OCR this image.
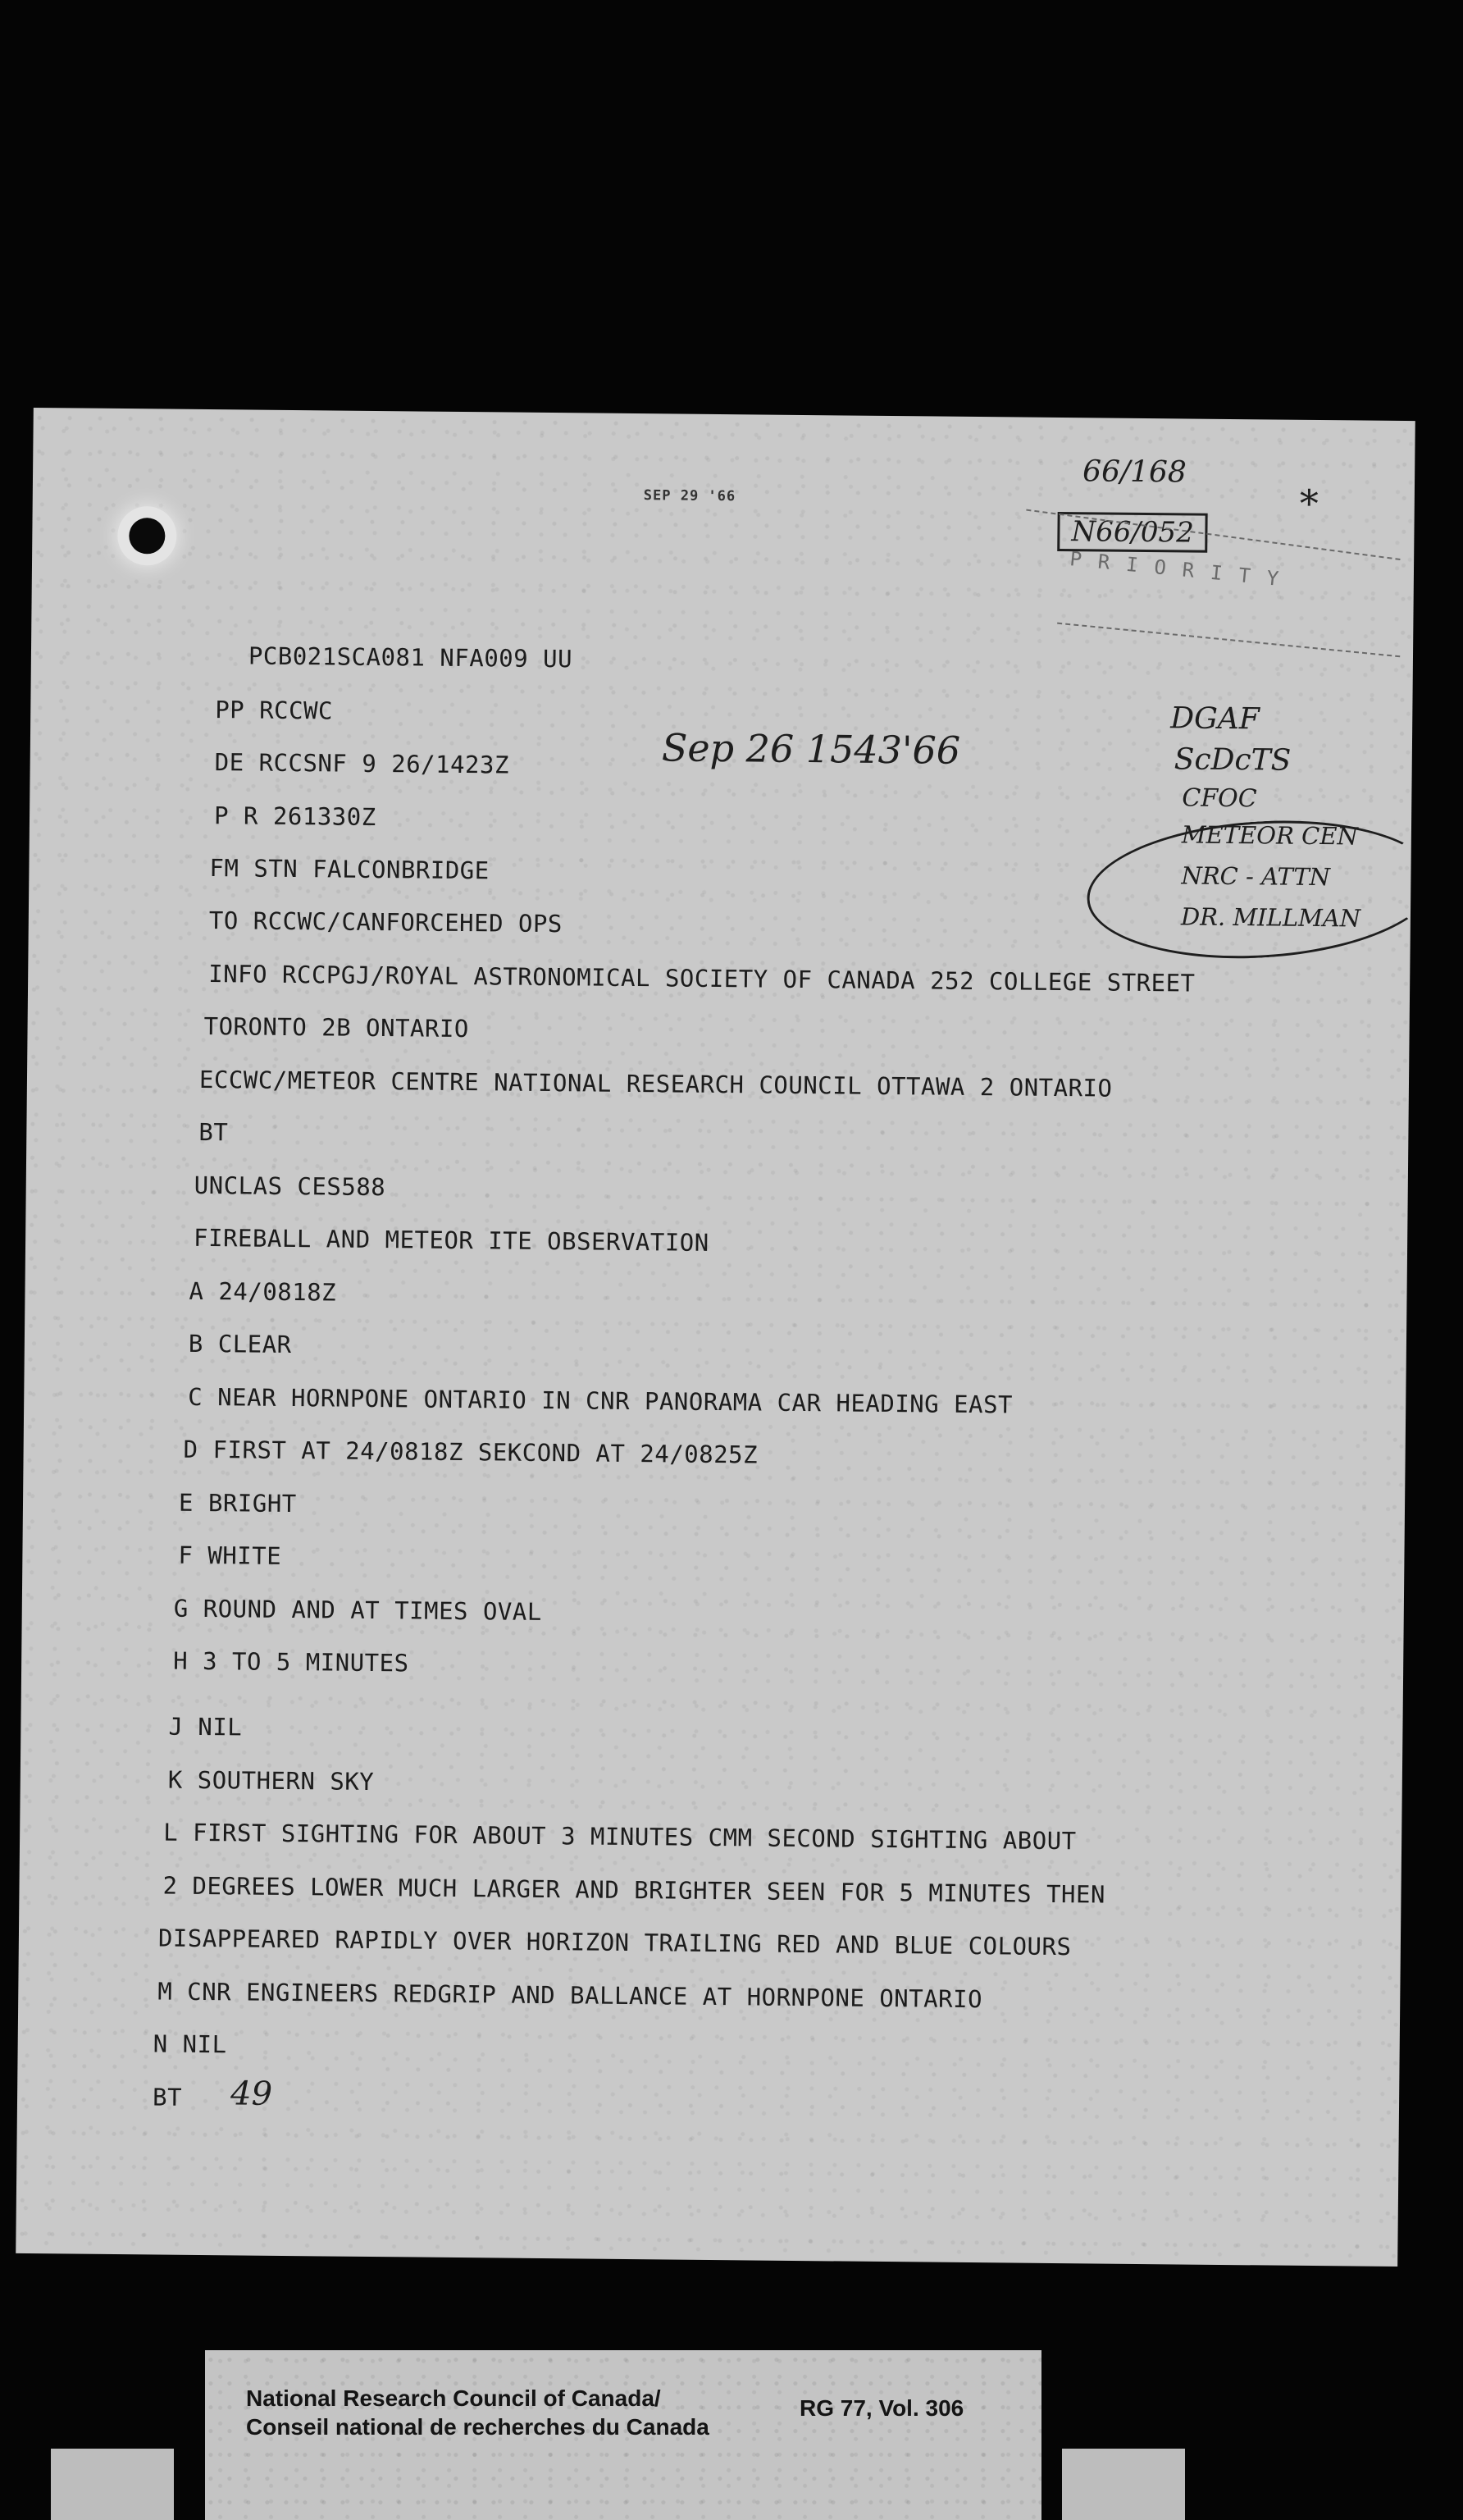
SEP 29 '66
66/168
*
N66/052
PRIORITY
PCB021SCA081 NFA009 UU
PP RCCWC
DE RCCSNF 9 26/1423Z
P R 261330Z
FM STN FALCONBRIDGE
TO RCCWC/CANFORCEHED OPS
INFO RCCPGJ/ROYAL ASTRONOMICAL SOCIETY OF CANADA 252 COLLEGE STREET
TORONTO 2B ONTARIO
ECCWC/METEOR CENTRE NATIONAL RESEARCH COUNCIL OTTAWA 2 ONTARIO
BT
UNCLAS CES588
FIREBALL AND METEOR ITE OBSERVATION
A 24/0818Z
B CLEAR
C NEAR HORNPONE ONTARIO IN CNR PANORAMA CAR HEADING EAST
D FIRST AT 24/0818Z SEKCOND AT 24/0825Z
E BRIGHT
F WHITE
G ROUND AND AT TIMES OVAL
H 3 TO 5 MINUTES
J NIL
K SOUTHERN SKY
L FIRST SIGHTING FOR ABOUT 3 MINUTES CMM SECOND SIGHTING ABOUT
2 DEGREES LOWER MUCH LARGER AND BRIGHTER SEEN FOR 5 MINUTES THEN
DISAPPEARED RAPIDLY OVER HORIZON TRAILING RED AND BLUE COLOURS
M CNR ENGINEERS REDGRIP AND BALLANCE AT HORNPONE ONTARIO
N NIL
BT
Sep 26 1543'66
DGAF
ScDcTS
CFOC
METEOR CEN
NRC - ATTN
DR. MILLMAN
49
National Research Council of Canada/
Conseil national de recherches du Canada
RG 77, Vol. 306
